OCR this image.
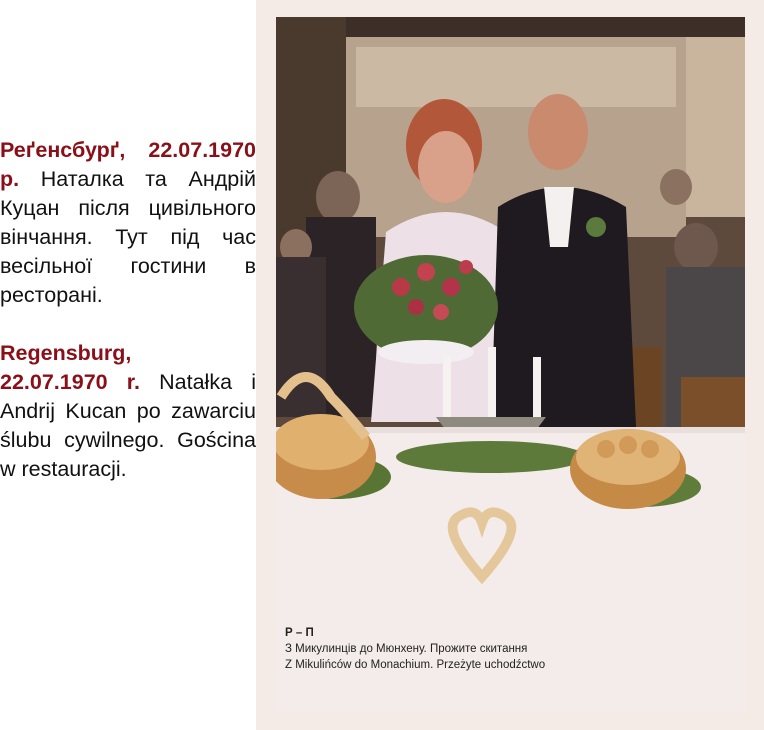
Реґенсбурґ, 22.07.1970 р. Наталка та Андрій Куцан після цивільного вінчання. Тут під час весільної гостини в ресторані.

Regensburg,
22.07.1970 r. Natałka i Andrij Kucan po zawarciu ślubu cywilnego. Gościna w restauracji.

Р – П
З Микулинців до Мюнхену. Прожите скитання
Z Mikulińców do Monachium. Przeżyte uchodźctwo
